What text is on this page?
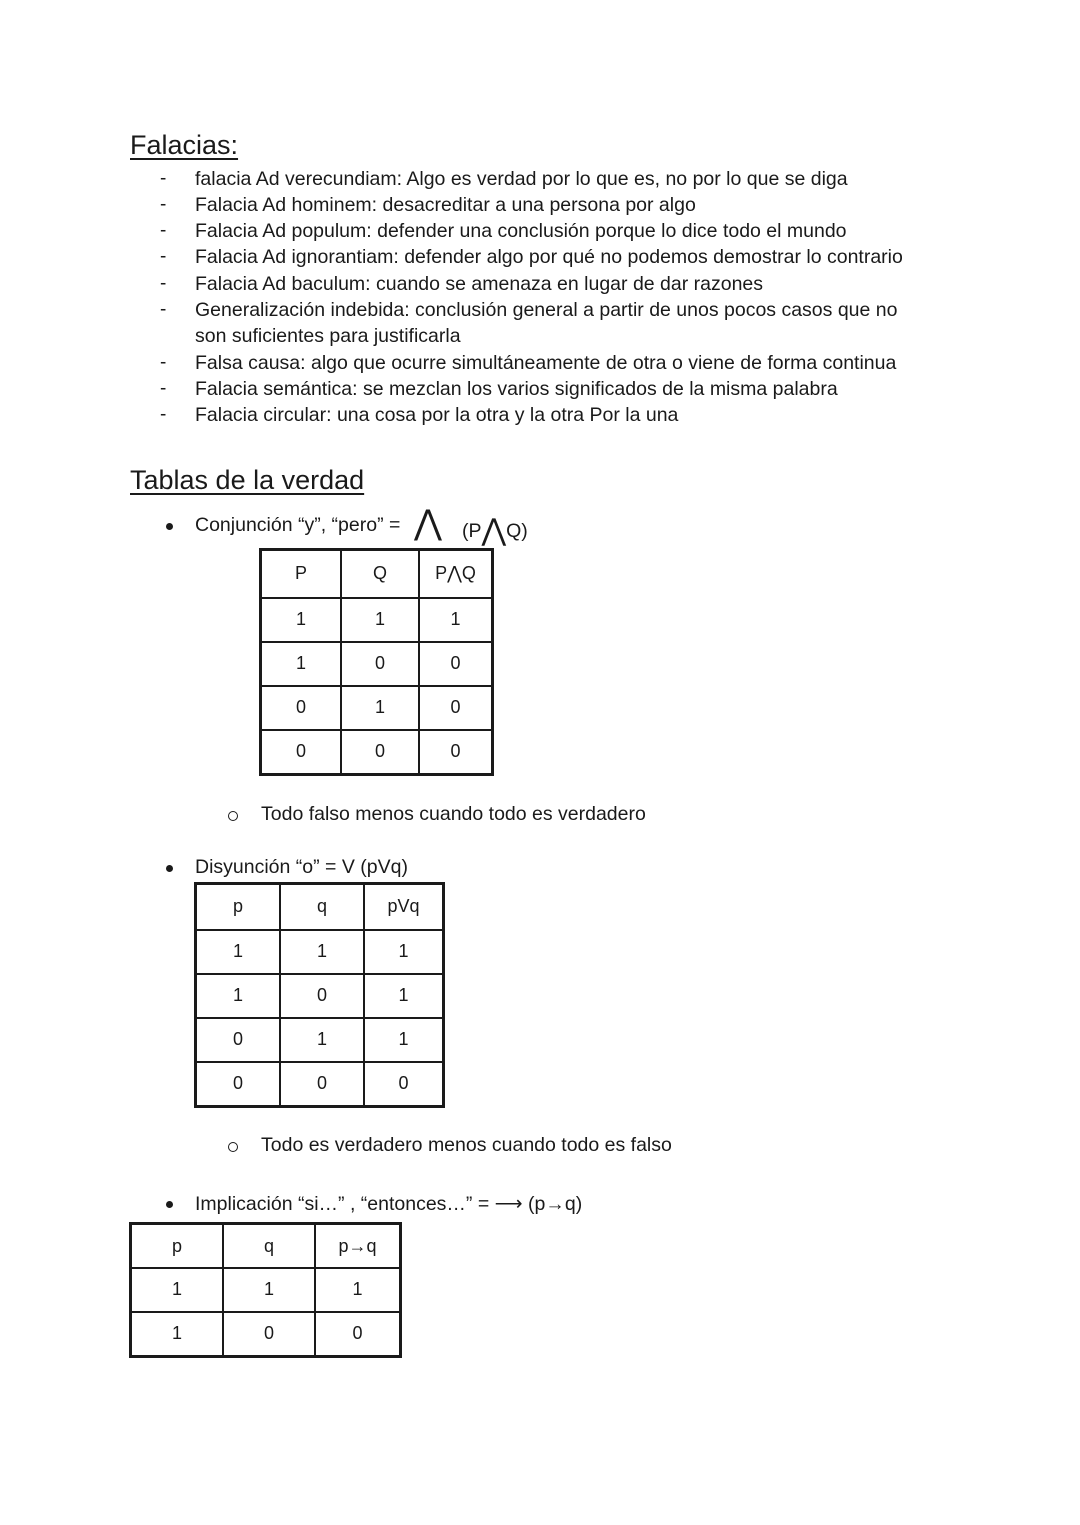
Falacias:
- falacia Ad verecundiam: Algo es verdad por lo que es, no por lo que se diga
- Falacia Ad hominem: desacreditar a una persona por algo
- Falacia Ad populum: defender una conclusión porque lo dice todo el mundo
- Falacia Ad ignorantiam: defender algo por qué no podemos demostrar lo contrario
- Falacia Ad baculum: cuando se amenaza en lugar de dar razones
- Generalización indebida: conclusión general a partir de unos pocos casos que no
son suficientes para justificarla
- Falsa causa: algo que ocurre simultáneamente de otra o viene de forma continua
- Falacia semántica: se mezclan los varios significados de la misma palabra
- Falacia circular: una cosa por la otra y la otra Por la una
Tablas de la verdad
Conjunción “y”, “pero” = ⋀ (P⋀Q)
P	Q	P⋀Q
1	1	1
1	0	0
0	1	0
0	0	0
Todo falso menos cuando todo es verdadero
Disyunción “o” = V (pVq)
p	q	pVq
1	1	1
1	0	1
0	1	1
0	0	0
Todo es verdadero menos cuando todo es falso
Implicación “si…” , “entonces…” = ⟶ (p→q)
p	q	p→q
1	1	1
1	0	0
